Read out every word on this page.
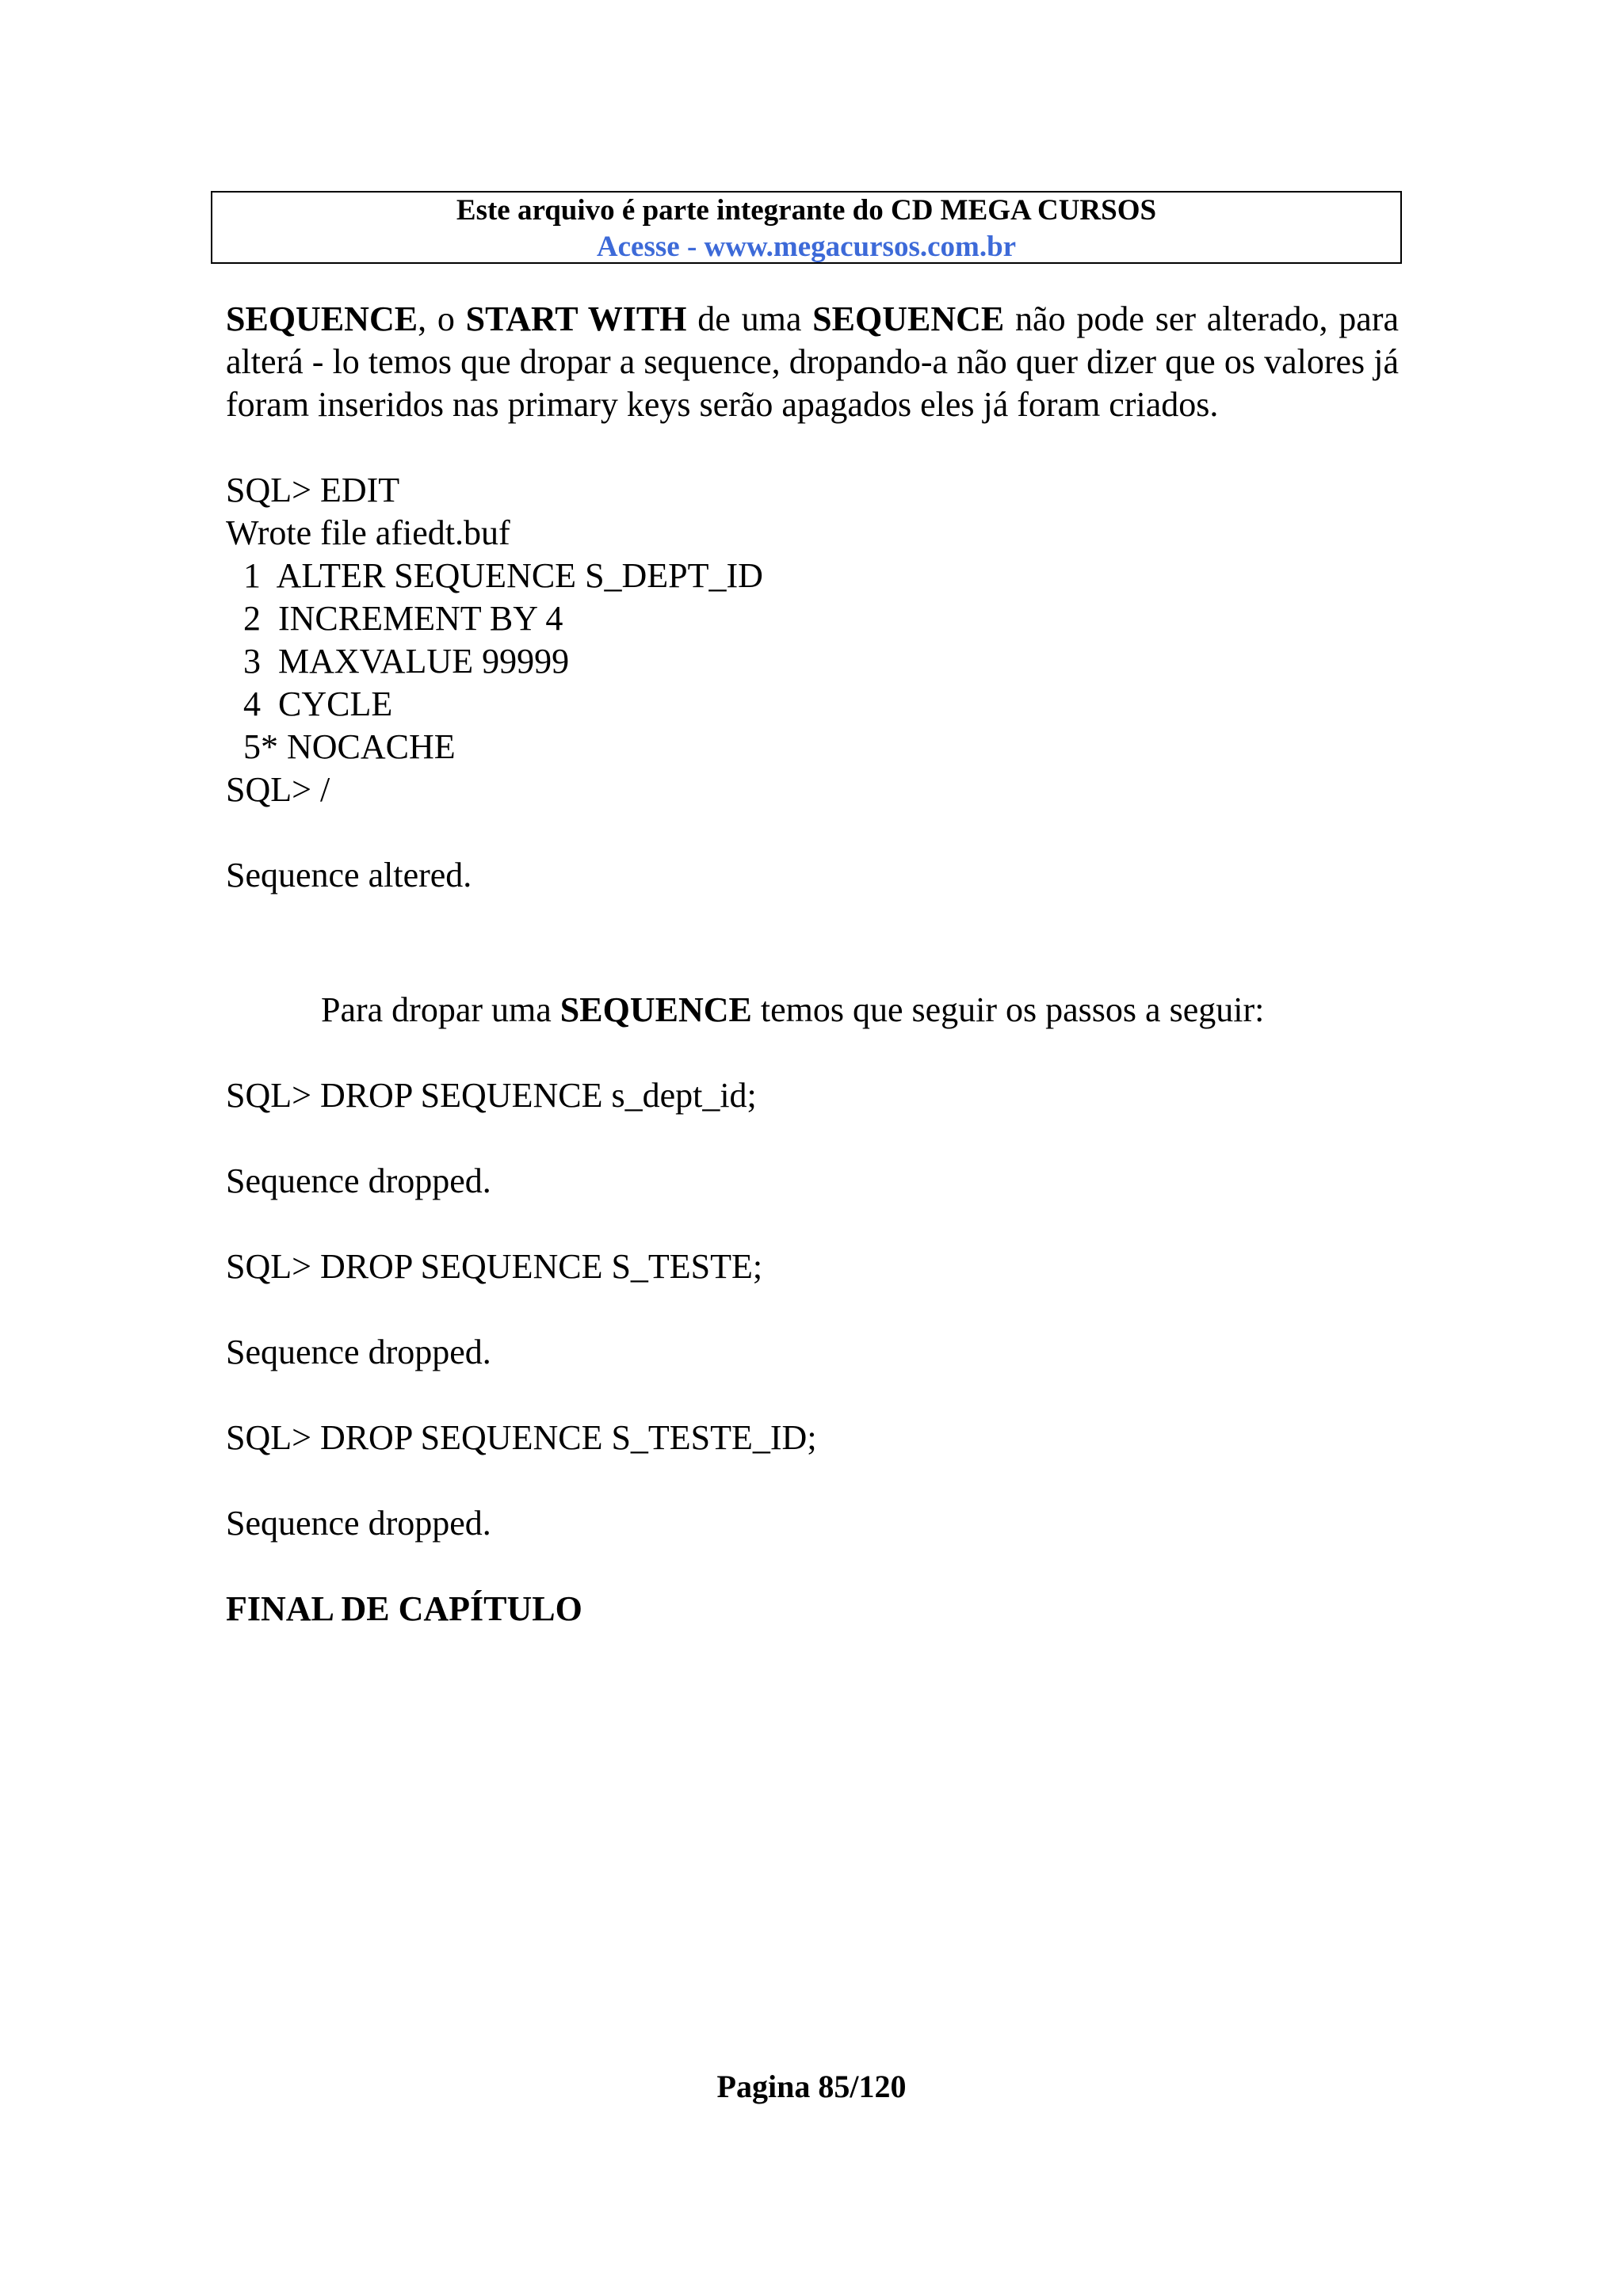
Este arquivo é parte integrante do CD MEGA CURSOS
Acesse - www.megacursos.com.br

SEQUENCE, o START WITH de uma SEQUENCE não pode ser alterado, para alterá - lo temos que dropar a sequence, dropando-a não quer dizer que os valores já foram inseridos nas primary keys serão apagados eles já foram criados.

SQL> EDIT
Wrote file afiedt.buf
1  ALTER SEQUENCE S_DEPT_ID
2  INCREMENT BY 4
3  MAXVALUE 99999
4  CYCLE
5* NOCACHE
SQL> /
Sequence altered.
Para dropar uma SEQUENCE temos que seguir os passos a seguir:
SQL> DROP SEQUENCE s_dept_id;
Sequence dropped.
SQL> DROP SEQUENCE S_TESTE;
Sequence dropped.
SQL> DROP SEQUENCE S_TESTE_ID;
Sequence dropped.
FINAL DE CAPÍTULO
Pagina 85/120
